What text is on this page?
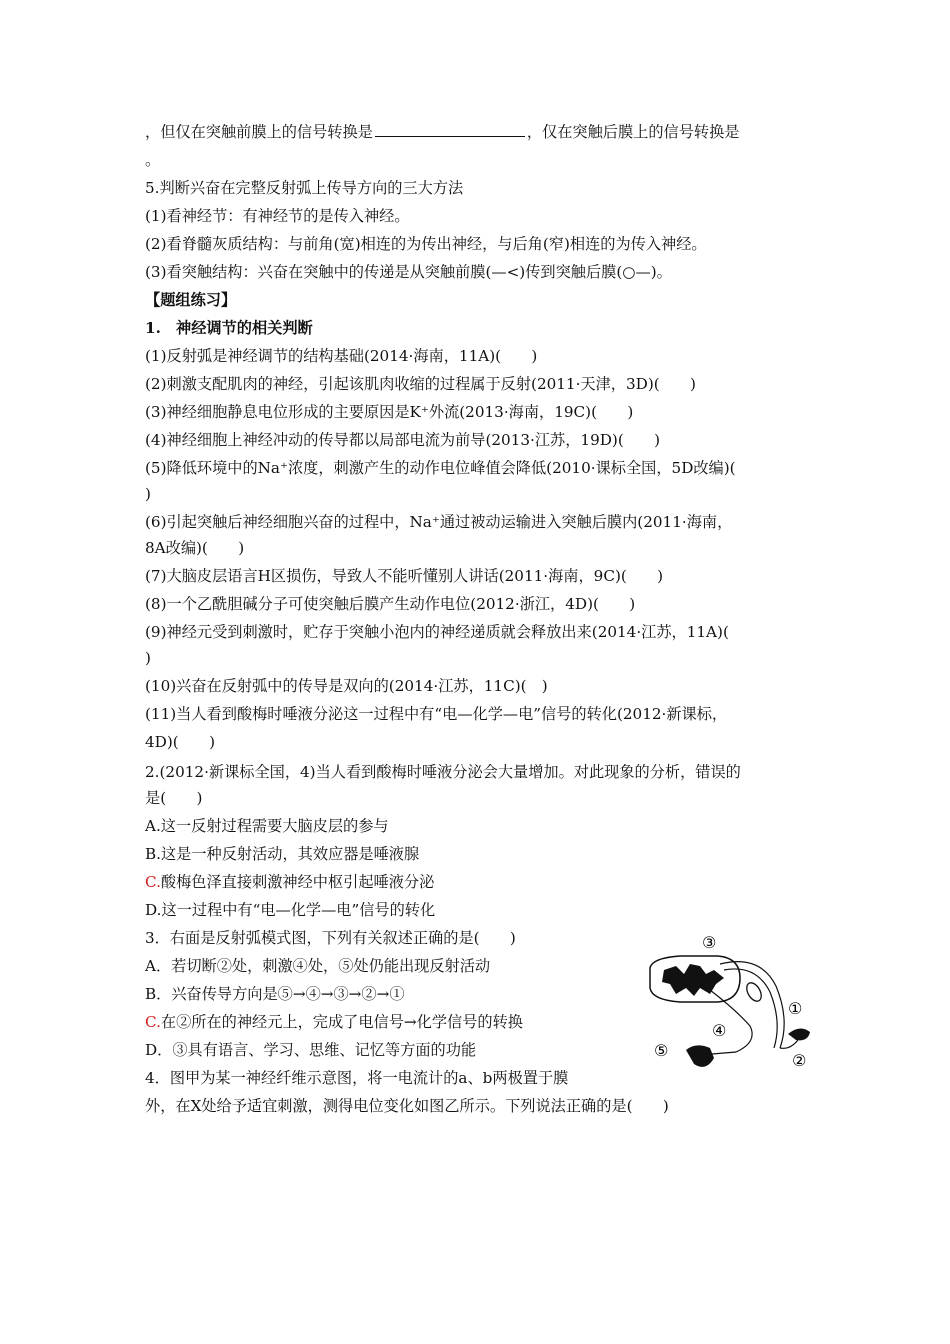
，但仅在突触前膜上的信号转换是	，仅在突触后膜上的信号转换是
。
5.判断兴奋在完整反射弧上传导方向的三大方法
(1)看神经节：有神经节的是传入神经。
(2)看脊髓灰质结构：与前角(宽)相连的为传出神经，与后角(窄)相连的为传入神经。
(3)看突触结构：兴奋在突触中的传递是从突触前膜(—<)传到突触后膜(○—)。
【题组练习】
1.　神经调节的相关判断
(1)反射弧是神经调节的结构基础(2014·海南，11A)(　　)
(2)刺激支配肌肉的神经，引起该肌肉收缩的过程属于反射(2011·天津，3D)(　　)
(3)神经细胞静息电位形成的主要原因是K⁺外流(2013·海南，19C)(　　)
(4)神经细胞上神经冲动的传导都以局部电流为前导(2013·江苏，19D)(　　)
(5)降低环境中的Na⁺浓度，刺激产生的动作电位峰值会降低(2010·课标全国，5D改编)(
)
(6)引起突触后神经细胞兴奋的过程中，Na⁺通过被动运输进入突触后膜内(2011·海南，
8A改编)(　　)
(7)大脑皮层语言H区损伤，导致人不能听懂别人讲话(2011·海南，9C)(　　)
(8)一个乙酰胆碱分子可使突触后膜产生动作电位(2012·浙江，4D)(　　)
(9)神经元受到刺激时，贮存于突触小泡内的神经递质就会释放出来(2014·江苏，11A)(
)
(10)兴奋在反射弧中的传导是双向的(2014·江苏，11C)(　)
(11)当人看到酸梅时唾液分泌这一过程中有“电—化学—电”信号的转化(2012·新课标，
4D)(　　)
2.(2012·新课标全国，4)当人看到酸梅时唾液分泌会大量增加。对此现象的分析，错误的
是(　　)
A.这一反射过程需要大脑皮层的参与
B.这是一种反射活动，其效应器是唾液腺
C.酸梅色泽直接刺激神经中枢引起唾液分泌
D.这一过程中有“电—化学—电”信号的转化
3．右面是反射弧模式图，下列有关叙述正确的是(　　)
A．若切断②处，刺激④处，⑤处仍能出现反射活动
B．兴奋传导方向是⑤→④→③→②→①
C.在②所在的神经元上，完成了电信号→化学信号的转换
D．③具有语言、学习、思维、记忆等方面的功能
4．图甲为某一神经纤维示意图，将一电流计的a、b两极置于膜
外，在X处给予适宜刺激，测得电位变化如图乙所示。下列说法正确的是(　　)
③
①
④
⑤
②
